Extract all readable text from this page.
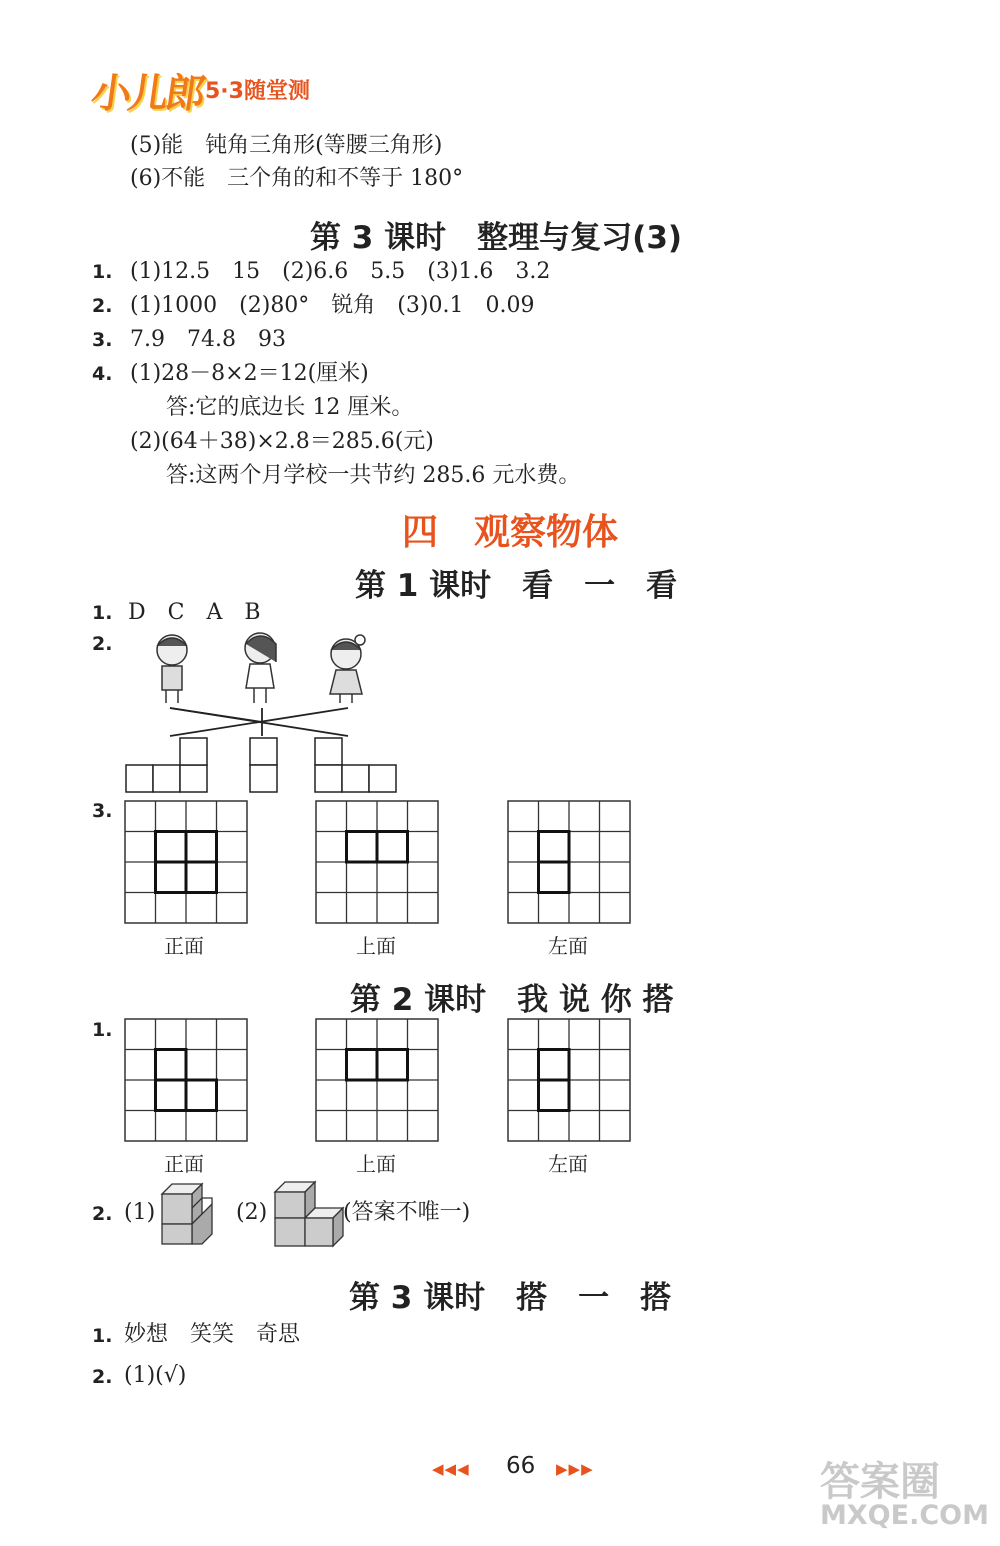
小儿郎 5·3随堂测
(5)能　钝角三角形(等腰三角形)
(6)不能　三个角的和不等于 180°
第 3 课时　整理与复习(3)
1. (1)12.5　15　(2)6.6　5.5　(3)1.6　3.2
2. (1)1000　(2)80°　锐角　(3)0.1　0.09
3. 7.9　74.8　93
4. (1)28－8×2＝12(厘米)
答:它的底边长 12 厘米。
(2)(64＋38)×2.8＝285.6(元)
答:这两个月学校一共节约 285.6 元水费。
四　观察物体
第 1 课时　看　一　看
1. D　C　A　B
2.
3.
正面	上面	左面
第 2 课时　我 说 你 搭
1.
正面	上面	左面
2. (1)	(2)	(答案不唯一)
第 3 课时　搭　一　搭
1. 妙想　笑笑　奇思
2. (1)(√)
◀◀◀ 66 ▶▶▶	答案圈
MXQE.COM
